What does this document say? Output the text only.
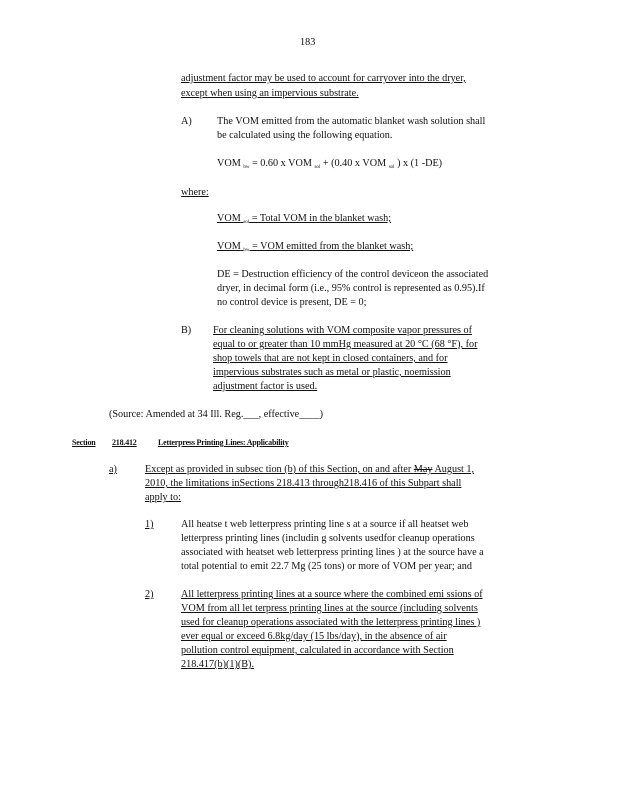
183
adjustment factor may be used to account for carryover into the dryer,
except when using an impervious substrate.
A) The VOM emitted from the automatic blanket wash solution shall
be calculated using the following equation.
VOM $_{bw}$ = 0.60 x VOM $_{sol}$ + (0.40 x VOM $_{sol}$ ) x (1 -DE)
where:
VOM $_{sol}$ = Total VOM in the blanket wash;
VOM $_{bw}$ = VOM emitted from the blanket wash;
DE = Destruction efficiency of the control deviceon the associated
dryer, in decimal form (i.e., 95% control is represented as 0.95).If
no control device is present, DE = 0;
B) For cleaning solutions with VOM composite vapor pressures of
equal to or greater than 10 mmHg measured at 20 °C (68 °F), for
shop towels that are not kept in closed containers, and for
impervious substrates such as metal or plastic, noemission
adjustment factor is used.
(Source: Amended at 34 Ill. Reg.___, effective____)
Section 218.412	Letterpress Printing Lines: Applicability
a)	Except as provided in subsec tion (b) of this Section, on and after May August 1,
2010, the limitations inSections 218.413 through218.416 of this Subpart shall
apply to:
1)	All heatse t web letterpress printing line s at a source if all heatset web
letterpress printing lines (includin g solvents usedfor cleanup operations
associated with heatset web letterpress printing lines ) at the source have a
total potential to emit 22.7 Mg (25 tons) or more of VOM per year; and
2)	All letterpress printing lines at a source where the combined emi ssions of
VOM from all let terpress printing lines at the source (including solvents
used for cleanup operations associated with the letterpress printing lines )
ever equal or exceed 6.8kg/day (15 lbs/day), in the absence of air
pollution control equipment, calculated in accordance with Section
218.417(b)(1)(B).
